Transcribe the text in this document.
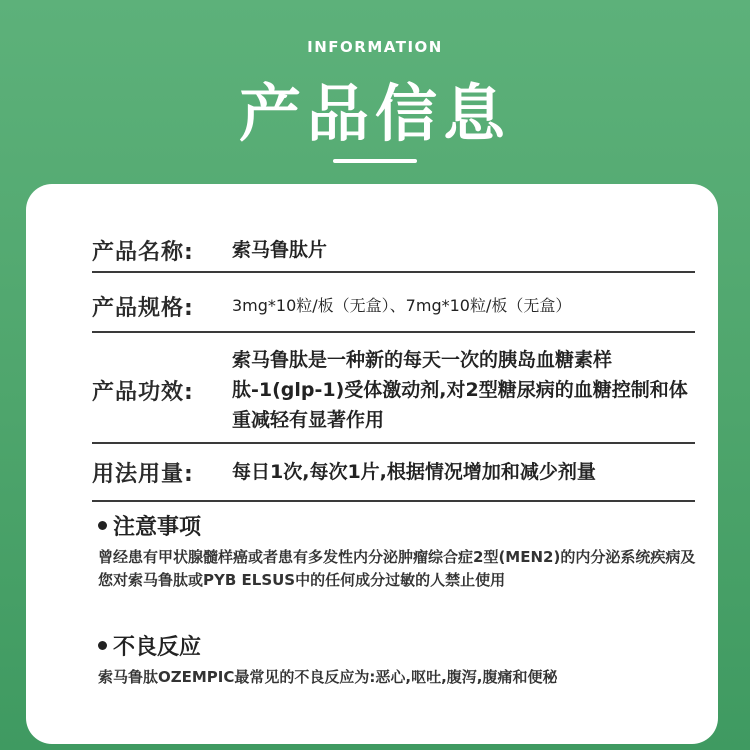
INFORMATION
产品信息
产品名称:	索马鲁肽片
产品规格:	3mg*10粒/板（无盒）、7mg*10粒/板（无盒）
产品功效:
索马鲁肽是一种新的每天一次的胰岛血糖素样肽-1(glp-1)受体激动剂,对2型糖尿病的血糖控制和体重减轻有显著作用
用法用量:	每日1次,每次1片,根据情况增加和减少剂量
注意事项
曾经患有甲状腺髓样癌或者患有多发性内分泌肿瘤综合症2型(MEN2)的内分泌系统疾病及您对索马鲁肽或PYB ELSUS中的任何成分过敏的人禁止使用
不良反应
索马鲁肽OZEMPIC最常见的不良反应为:恶心,呕吐,腹泻,腹痛和便秘
